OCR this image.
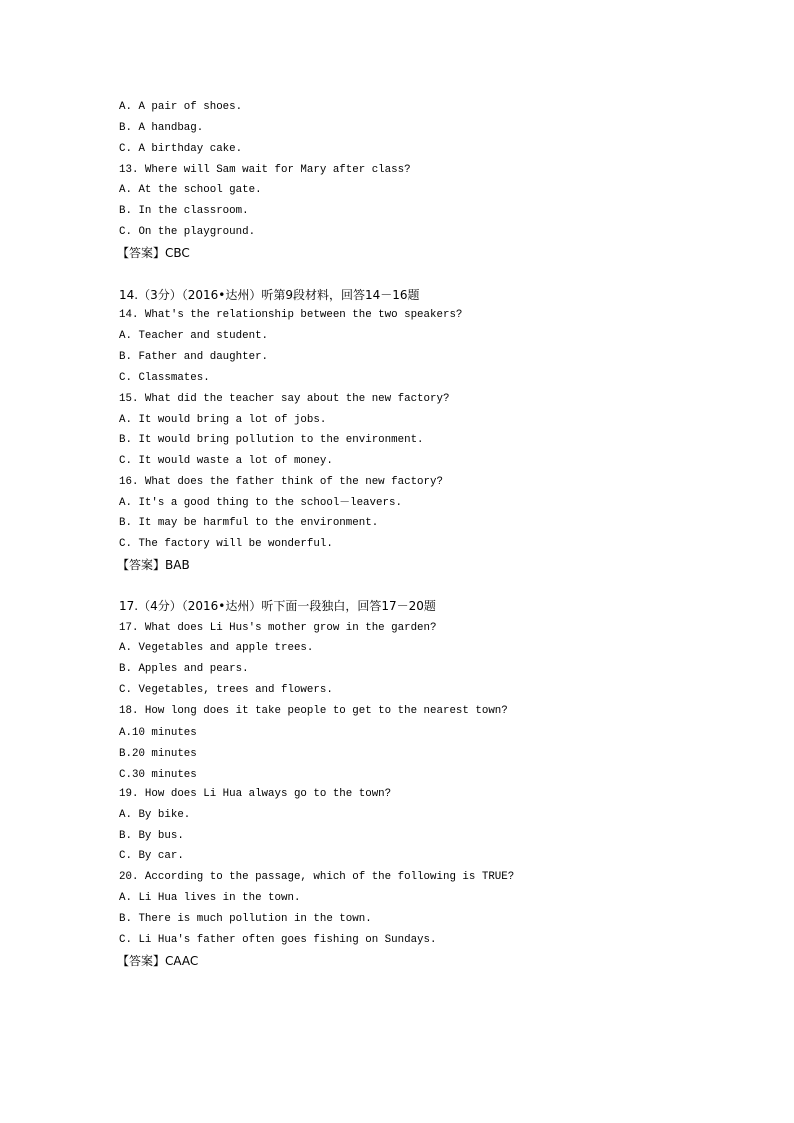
A. A pair of shoes.
B. A handbag.
C. A birthday cake.
13. Where will Sam wait for Mary after class?
A. At the school gate.
B. In the classroom.
C. On the playground.
【答案】CBC
14.（3分）（2016•达州）听第9段材料，回答14－16题
14. What's the relationship between the two speakers?
A. Teacher and student.
B. Father and daughter.
C. Classmates.
15. What did the teacher say about the new factory?
A. It would bring a lot of jobs.
B. It would bring pollution to the environment.
C. It would waste a lot of money.
16. What does the father think of the new factory?
A. It's a good thing to the school－leavers.
B. It may be harmful to the environment.
C. The factory will be wonderful.
【答案】BAB
17.（4分）（2016•达州）听下面一段独白，回答17－20题
17. What does Li Hus's mother grow in the garden?
A. Vegetables and apple trees.
B. Apples and pears.
C. Vegetables, trees and flowers.
18. How long does it take people to get to the nearest town?
A.10 minutes
B.20 minutes
C.30 minutes
19. How does Li Hua always go to the town?
A. By bike.
B. By bus.
C. By car.
20. According to the passage, which of the following is TRUE?
A. Li Hua lives in the town.
B. There is much pollution in the town.
C. Li Hua's father often goes fishing on Sundays.
【答案】CAAC
